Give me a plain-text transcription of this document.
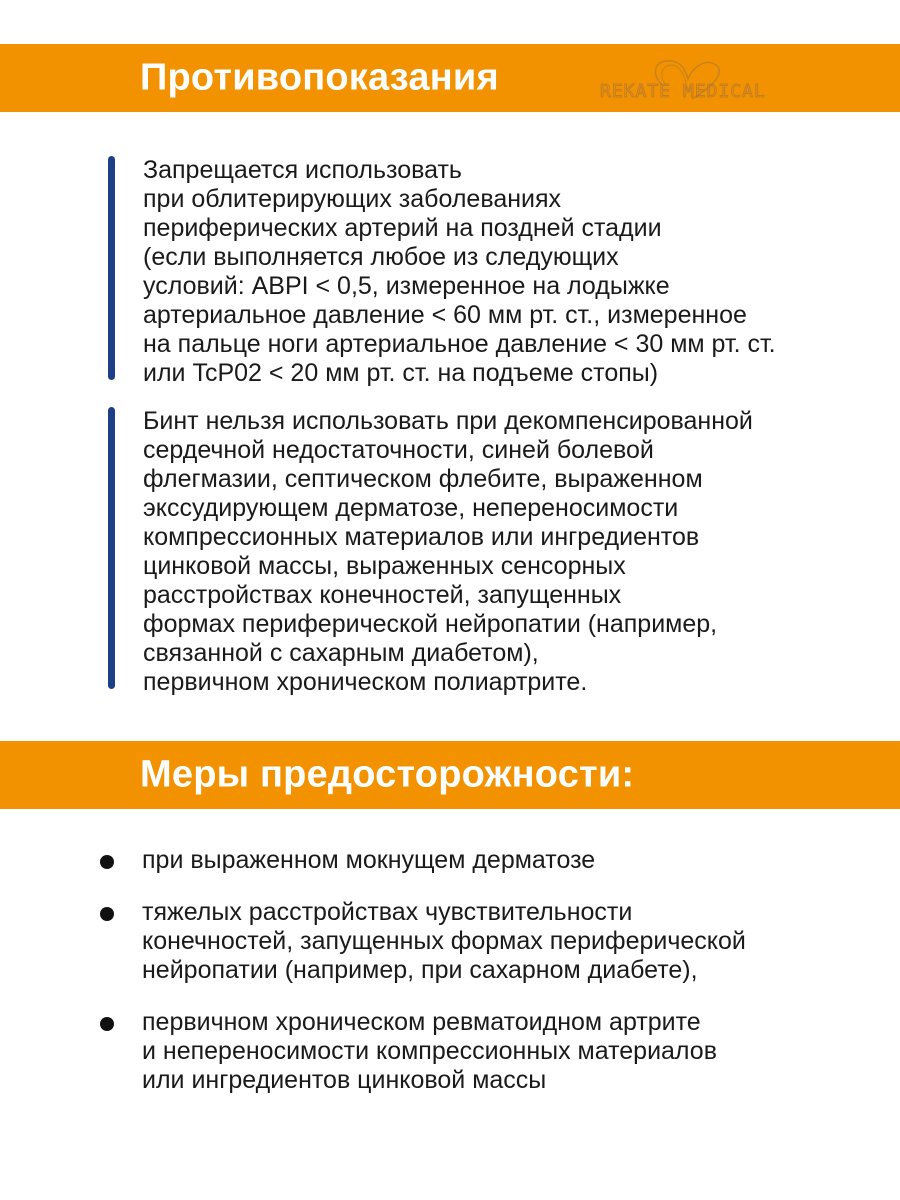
Противопоказания	REKATE MEDICAL
Запрещается использовать
при облитерирующих заболеваниях
периферических артерий на поздней стадии
(если выполняется любое из следующих
условий: ABPI < 0,5, измеренное на лодыжке
артериальное давление < 60 мм рт. ст., измеренное
на пальце ноги артериальное давление < 30 мм рт. ст.
или TcP02 < 20 мм рт. ст. на подъеме стопы)
Бинт нельзя использовать при декомпенсированной
сердечной недостаточности, синей болевой
флегмазии, септическом флебите, выраженном
экссудирующем дерматозе, непереносимости
компрессионных материалов или ингредиентов
цинковой массы, выраженных сенсорных
расстройствах конечностей, запущенных
формах периферической нейропатии (например,
связанной с сахарным диабетом),
первичном хроническом полиартрите.
Меры предосторожности:
при выраженном мокнущем дерматозе
тяжелых расстройствах чувствительности
конечностей, запущенных формах периферической
нейропатии (например, при сахарном диабете),
первичном хроническом ревматоидном артрите
и непереносимости компрессионных материалов
или ингредиентов цинковой массы
